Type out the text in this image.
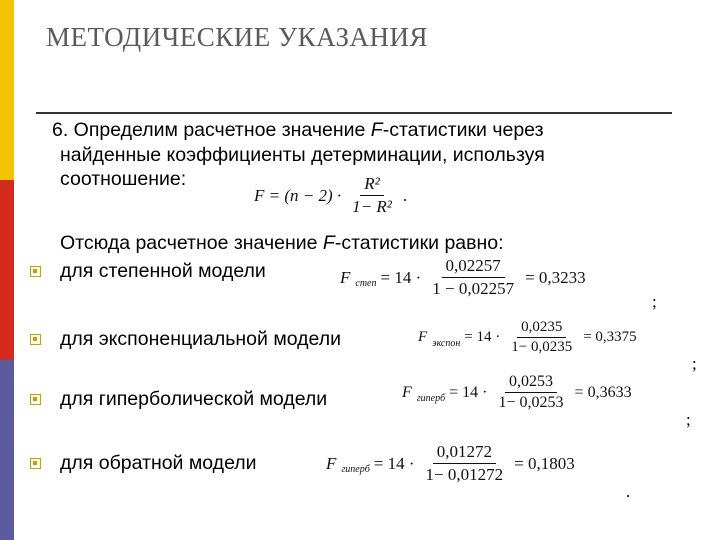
МЕТОДИЧЕСКИЕ УКАЗАНИЯ
6. Определим расчетное значение F-статистики через
найденные коэффициенты детерминации, используя
соотношение:
$F = (n - 2) \cdot \frac{\text{R²}}{\text{1− R²}}$ .
Отсюда расчетное значение F-статистики равно:
для степенной модели	F степ = $14 \cdot \frac{0,02257}{1 - 0,02257} = 0,3233$
;
для экспоненциальной модели	F экспон = $14 \cdot \frac{0,0235}{1- 0,0235} = 0,3375$
;
для гиперболической модели	F гиперб = $14 \cdot \frac{0,0253}{1- 0,0253} = 0,3633$
;
для обратной модели	F гиперб = $14 \cdot \frac{0,01272}{1- 0,01272} = 0,1803$
.
